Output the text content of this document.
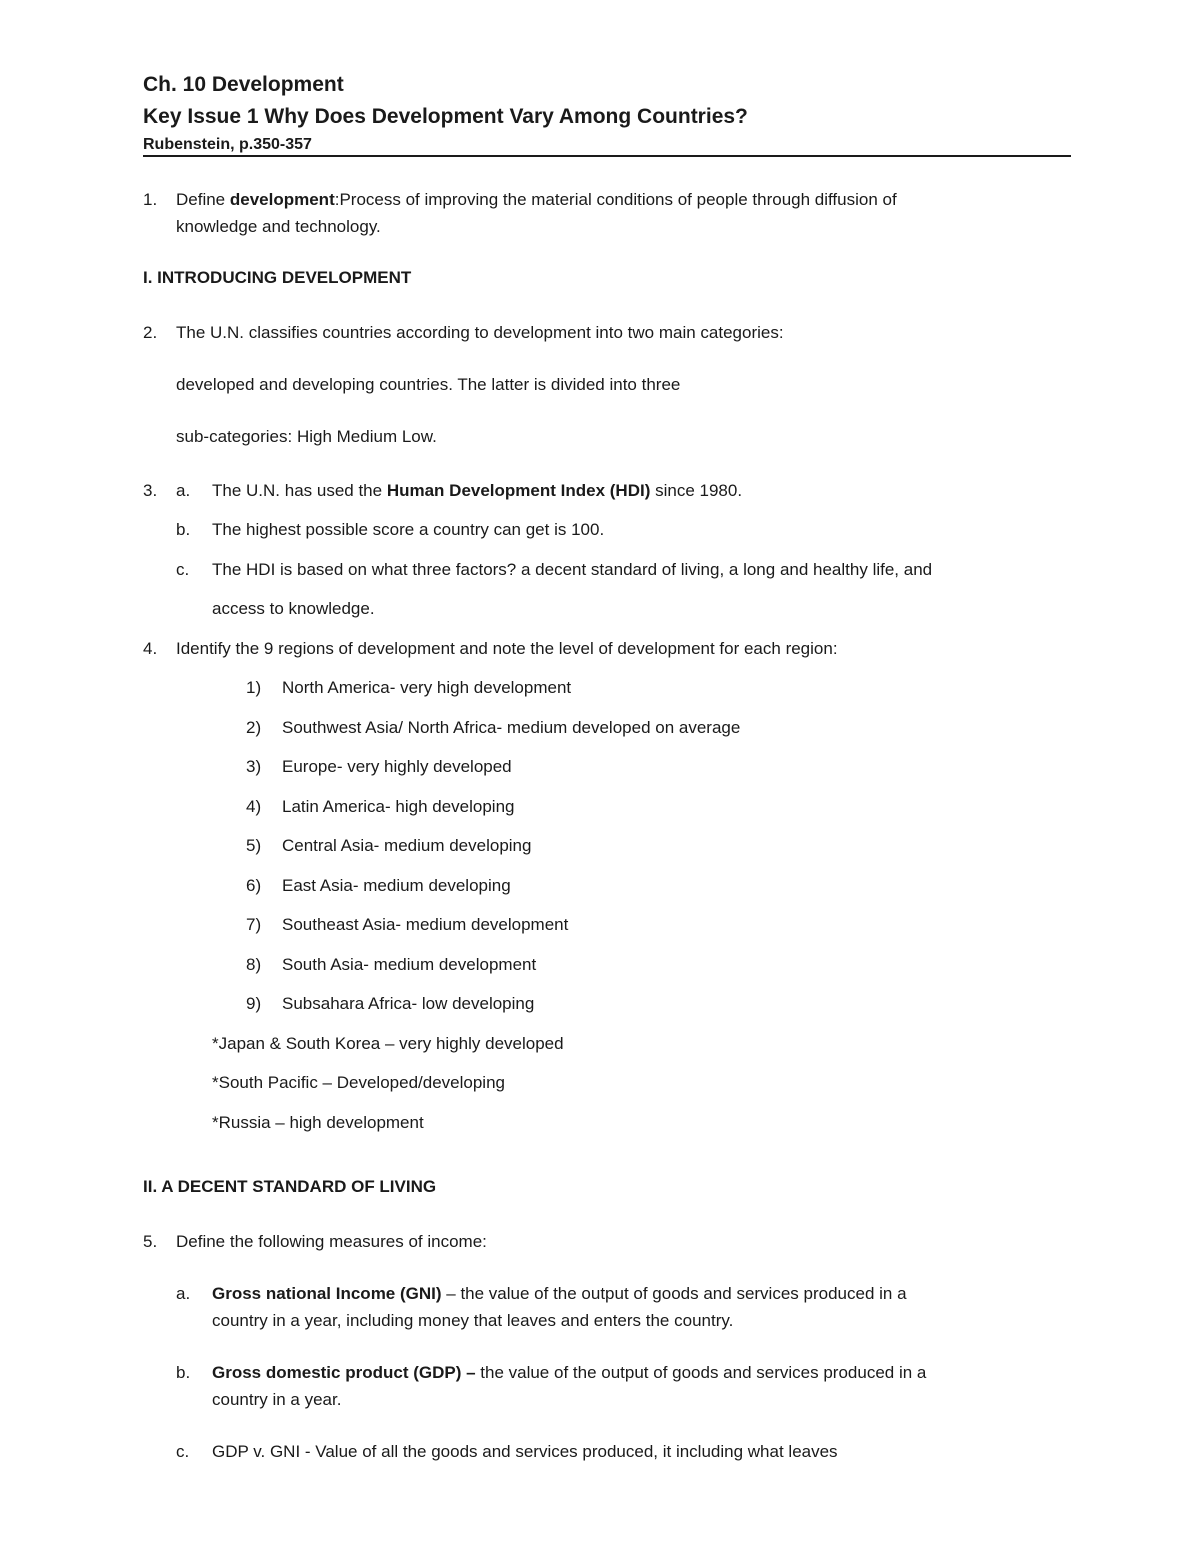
Ch. 10 Development
Key Issue 1 Why Does Development Vary Among Countries?
Rubenstein, p.350-357
1. Define development:Process of improving the material conditions of people through diffusion of
knowledge and technology.
I. INTRODUCING DEVELOPMENT
2. The U.N. classifies countries according to development into two main categories:
developed and developing countries. The latter is divided into three
sub-categories: High Medium Low.
3. a. The U.N. has used the Human Development Index (HDI) since 1980.
b. The highest possible score a country can get is 100.
c. The HDI is based on what three factors? a decent standard of living, a long and healthy life, and
access to knowledge.
4. Identify the 9 regions of development and note the level of development for each region:
1) North America- very high development
2) Southwest Asia/ North Africa- medium developed on average
3) Europe- very highly developed
4) Latin America- high developing
5) Central Asia- medium developing
6) East Asia- medium developing
7) Southeast Asia- medium development
8) South Asia- medium development
9) Subsahara Africa- low developing
*Japan & South Korea – very highly developed
*South Pacific – Developed/developing
*Russia – high development
II. A DECENT STANDARD OF LIVING
5. Define the following measures of income:
a. Gross national Income (GNI) – the value of the output of goods and services produced in a
country in a year, including money that leaves and enters the country.
b. Gross domestic product (GDP) – the value of the output of goods and services produced in a
country in a year.
c. GDP v. GNI - Value of all the goods and services produced, it including what leaves
